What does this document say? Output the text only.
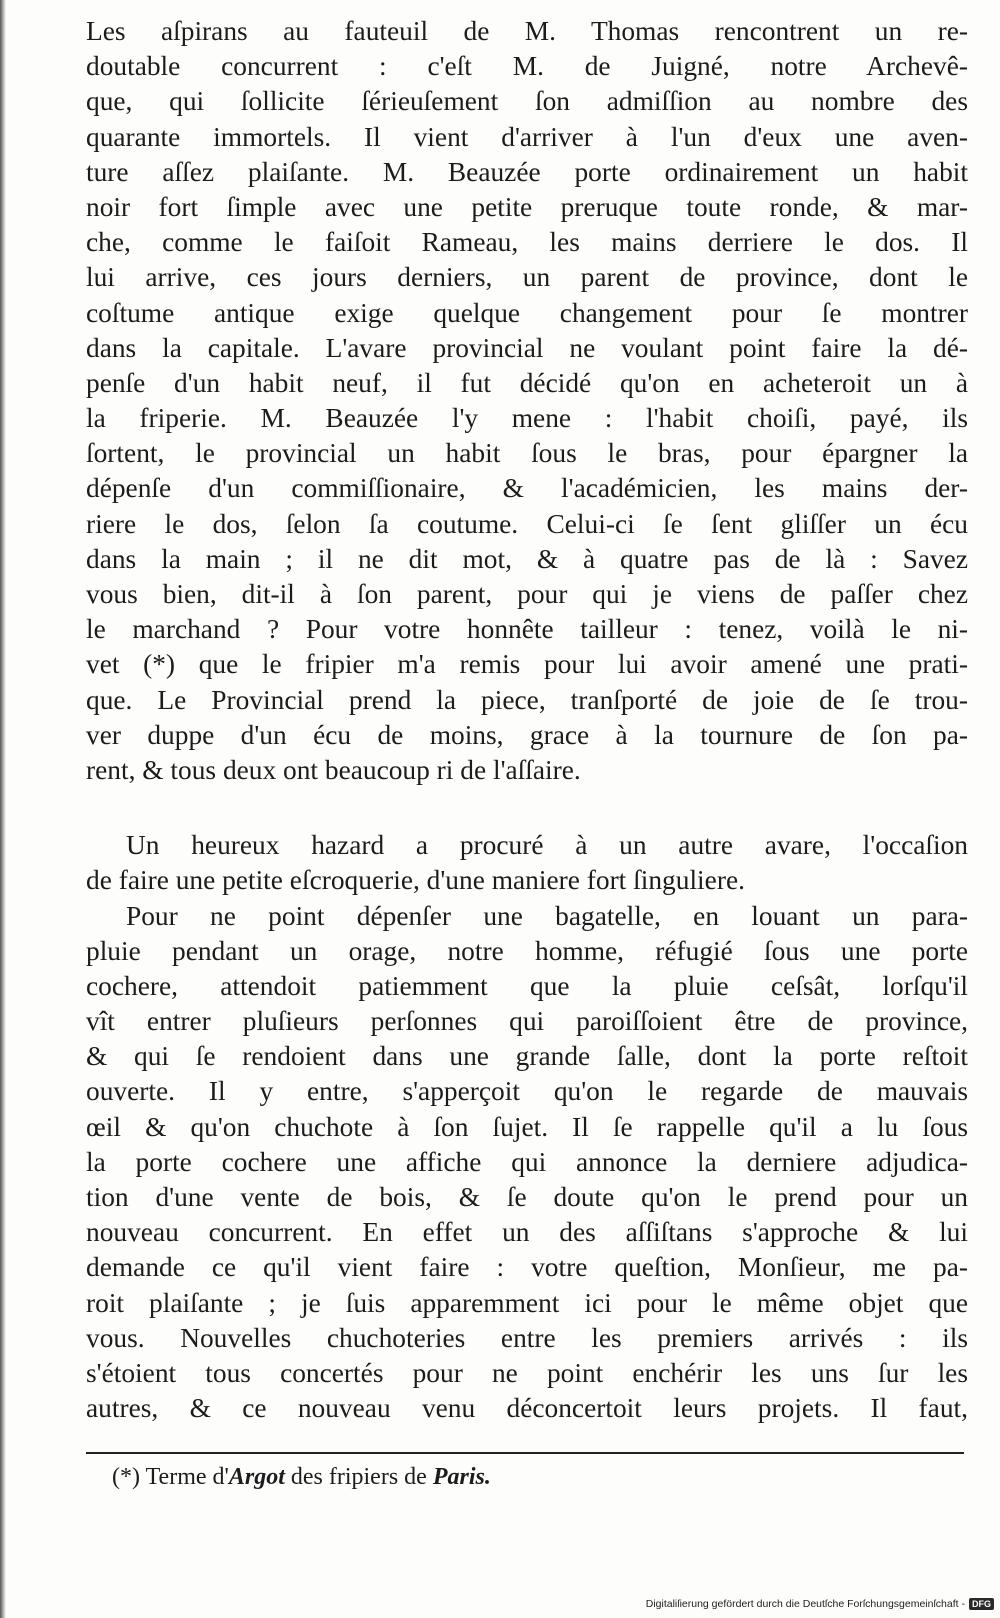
Les aſpirans au fauteuil de M. Thomas rencontrent un re-
doutable concurrent : c'eſt M. de Juigné, notre Archevê-
que, qui ſollicite ſérieuſement ſon admiſſion au nombre des
quarante immortels. Il vient d'arriver à l'un d'eux une aven-
ture aſſez plaiſante. M. Beauzée porte ordinairement un habit
noir fort ſimple avec une petite preruque toute ronde, & mar-
che, comme le faiſoit Rameau, les mains derriere le dos. Il
lui arrive, ces jours derniers, un parent de province, dont le
coſtume antique exige quelque changement pour ſe montrer
dans la capitale. L'avare provincial ne voulant point faire la dé-
penſe d'un habit neuf, il fut décidé qu'on en acheteroit un à
la friperie. M. Beauzée l'y mene : l'habit choiſi, payé, ils
ſortent, le provincial un habit ſous le bras, pour épargner la
dépenſe d'un commiſſionaire, & l'académicien, les mains der-
riere le dos, ſelon ſa coutume. Celui-ci ſe ſent gliſſer un écu
dans la main ; il ne dit mot, & à quatre pas de là : Savez
vous bien, dit-il à ſon parent, pour qui je viens de paſſer chez
le marchand ? Pour votre honnête tailleur : tenez, voilà le ni-
vet (*) que le fripier m'a remis pour lui avoir amené une prati-
que. Le Provincial prend la piece, tranſporté de joie de ſe trou-
ver duppe d'un écu de moins, grace à la tournure de ſon pa-
rent, & tous deux ont beaucoup ri de l'aſſaire.
Un heureux hazard a procuré à un autre avare, l'occaſion
de faire une petite eſcroquerie, d'une maniere fort ſinguliere.
Pour ne point dépenſer une bagatelle, en louant un para-
pluie pendant un orage, notre homme, réfugié ſous une porte
cochere, attendoit patiemment que la pluie ceſsât, lorſqu'il
vît entrer pluſieurs perſonnes qui paroiſſoient être de province,
& qui ſe rendoient dans une grande ſalle, dont la porte reſtoit
ouverte. Il y entre, s'apperçoit qu'on le regarde de mauvais
œil & qu'on chuchote à ſon ſujet. Il ſe rappelle qu'il a lu ſous
la porte cochere une affiche qui annonce la derniere adjudica-
tion d'une vente de bois, & ſe doute qu'on le prend pour un
nouveau concurrent. En effet un des aſſiſtans s'approche & lui
demande ce qu'il vient faire : votre queſtion, Monſieur, me pa-
roit plaiſante ; je ſuis apparemment ici pour le même objet que
vous. Nouvelles chuchoteries entre les premiers arrivés : ils
s'étoient tous concertés pour ne point enchérir les uns ſur les
autres, & ce nouveau venu déconcertoit leurs projets. Il faut,
(*) Terme d'Argot des fripiers de Paris.
Digitaliſierung gefördert durch die Deutſche Forſchungsgemeinſchaft - DFG
